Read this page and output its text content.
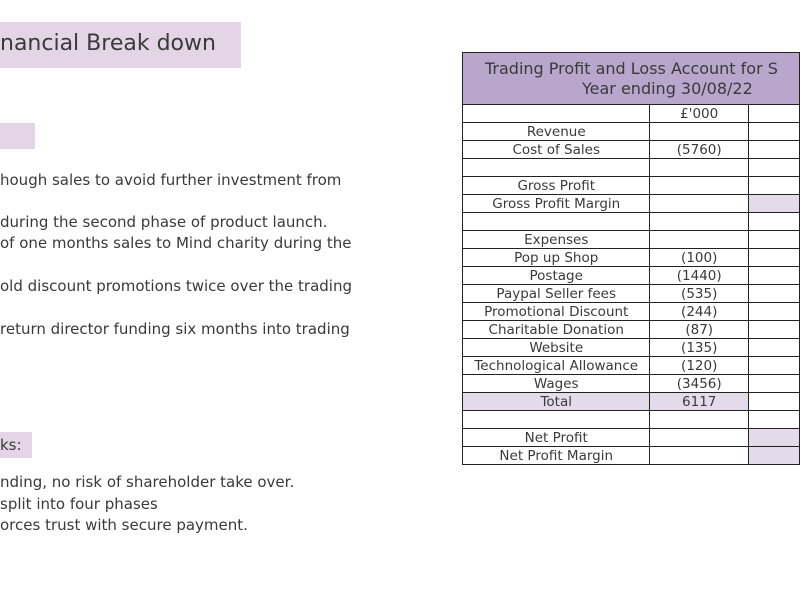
nancial Break down
hough sales to avoid further investment from
during the second phase of product launch.
of one months sales to Mind charity during the
old discount promotions twice over the trading
return director funding six months into trading
ks:
nding, no risk of shareholder take over.
split into four phases
orces trust with secure payment.
Trading Profit and Loss Account for S
Year ending 30/08/22		

	£'000	
Revenue		
Cost of Sales	(5760)	

Gross Profit		
Gross Profit Margin		

Expenses		
Pop up Shop	(100)	
Postage	(1440)	
Paypal Seller fees	(535)	
Promotional Discount	(244)	
Charitable Donation	(87)	
Website	(135)	
Technological Allowance	(120)	
Wages	(3456)	
Total	6117	

Net Profit		
Net Profit Margin		
